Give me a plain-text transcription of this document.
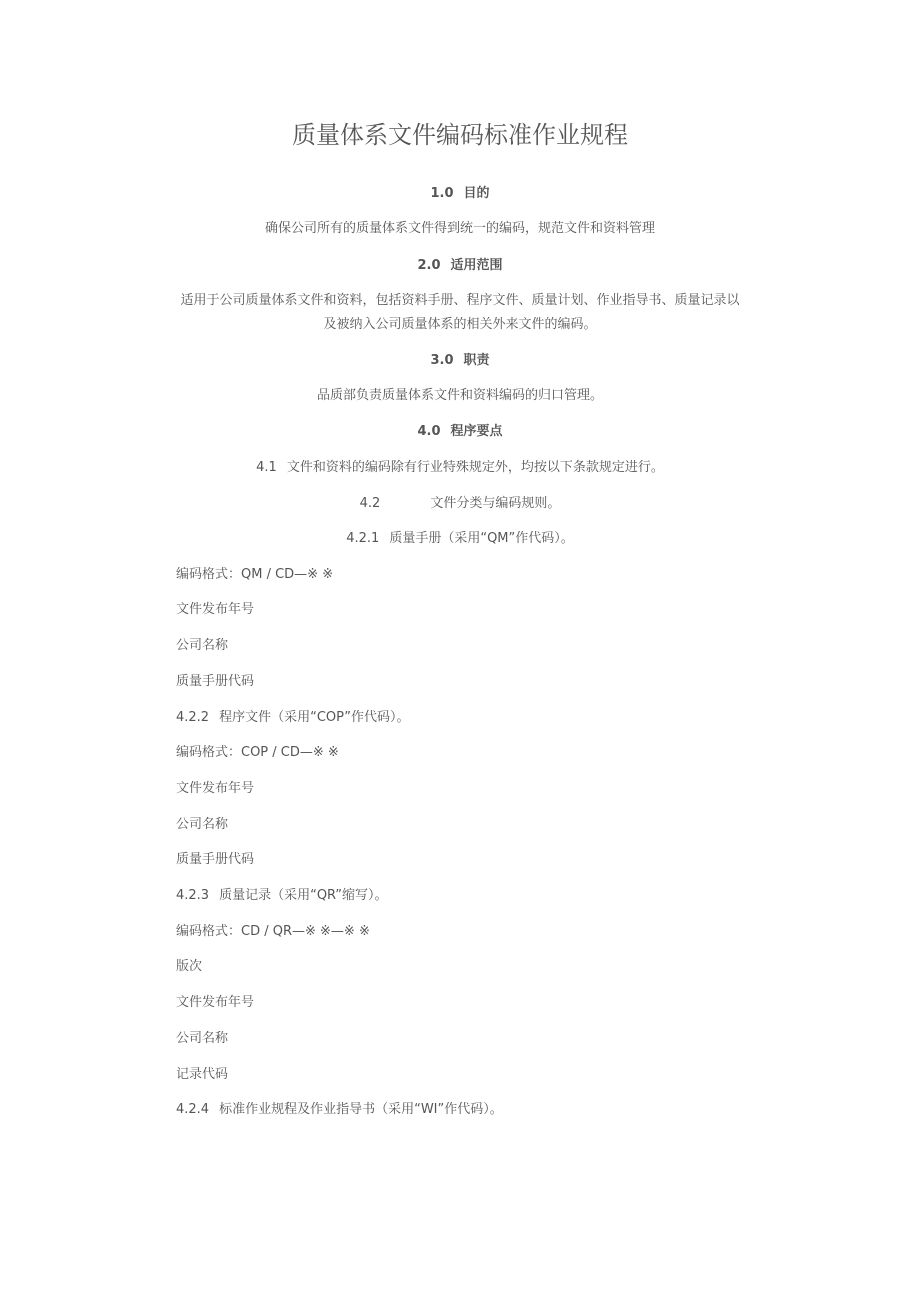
质量体系文件编码标准作业规程
1.0 目的
确保公司所有的质量体系文件得到统一的编码，规范文件和资料管理
2.0 适用范围
适用于公司质量体系文件和资料，包括资料手册、程序文件、质量计划、作业指导书、质量记录以
及被纳入公司质量体系的相关外来文件的编码。
3.0 职责
品质部负责质量体系文件和资料编码的归口管理。
4.0 程序要点
4.1 文件和资料的编码除有行业特殊规定外，均按以下条款规定进行。
4.2	文件分类与编码规则。
4.2.1 质量手册（采用“QM”作代码）。
编码格式：QM / CD—※ ※
文件发布年号
公司名称
质量手册代码
4.2.2 程序文件（采用“COP”作代码）。
编码格式：COP / CD—※ ※
文件发布年号
公司名称
质量手册代码
4.2.3 质量记录（采用“QR”缩写）。
编码格式：CD / QR—※ ※—※ ※
版次
文件发布年号
公司名称
记录代码
4.2.4 标准作业规程及作业指导书（采用“WI”作代码）。
